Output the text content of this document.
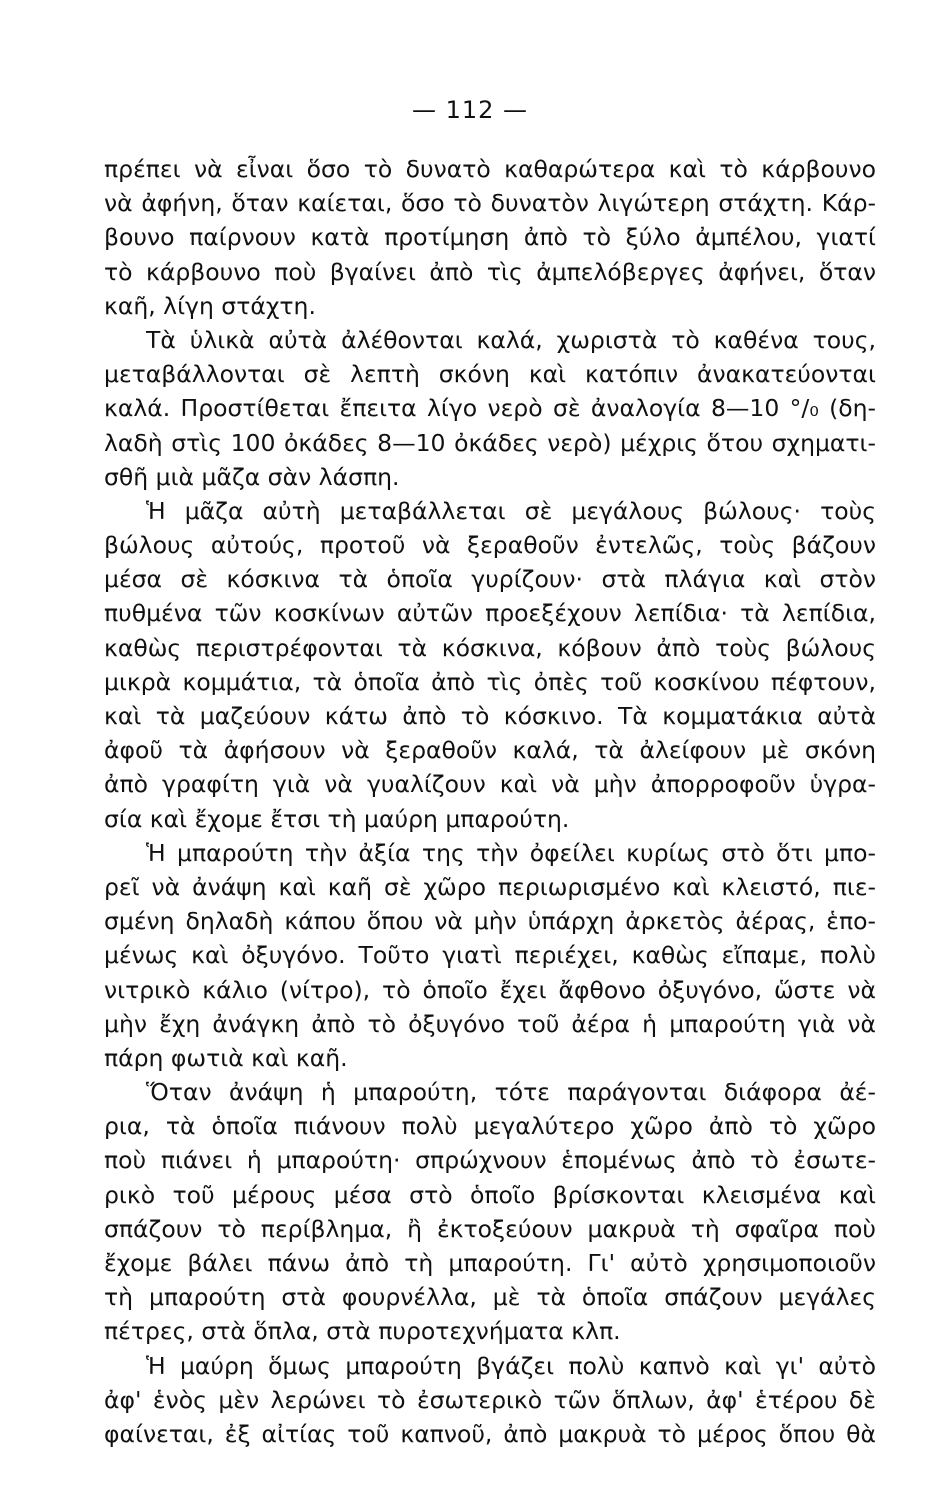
— 112 —
πρέπει νὰ εἶναι ὅσο τὸ δυνατὸ καθαρώτερα καὶ τὸ κάρβουνο
νὰ ἀφήνη, ὅταν καίεται, ὅσο τὸ δυνατὸν λιγώτερη στάχτη. Κάρ-
βουνο παίρνουν κατὰ προτίμηση ἀπὸ τὸ ξύλο ἀμπέλου, γιατί
τὸ κάρβουνο ποὺ βγαίνει ἀπὸ τὶς ἀμπελόβεργες ἀφήνει, ὅταν
καῆ, λίγη στάχτη.
Τὰ ὑλικὰ αὐτὰ ἀλέθονται καλά, χωριστὰ τὸ καθένα τους,
μεταβάλλονται σὲ λεπτὴ σκόνη καὶ κατόπιν ἀνακατεύονται
καλά. Προστίθεται ἔπειτα λίγο νερὸ σὲ ἀναλογία 8—10 °/₀ (δη-
λαδὴ στὶς 100 ὀκάδες 8—10 ὀκάδες νερὸ) μέχρις ὅτου σχηματι-
σθῆ μιὰ μᾶζα σὰν λάσπη.
Ἡ μᾶζα αὐτὴ μεταβάλλεται σὲ μεγάλους βώλους· τοὺς
βώλους αὐτούς, προτοῦ νὰ ξεραθοῦν ἐντελῶς, τοὺς βάζουν
μέσα σὲ κόσκινα τὰ ὁποῖα γυρίζουν· στὰ πλάγια καὶ στὸν
πυθμένα τῶν κοσκίνων αὐτῶν προεξέχουν λεπίδια· τὰ λεπίδια,
καθὼς περιστρέφονται τὰ κόσκινα, κόβουν ἀπὸ τοὺς βώλους
μικρὰ κομμάτια, τὰ ὁποῖα ἀπὸ τὶς ὀπὲς τοῦ κοσκίνου πέφτουν,
καὶ τὰ μαζεύουν κάτω ἀπὸ τὸ κόσκινο. Τὰ κομματάκια αὐτὰ
ἀφοῦ τὰ ἀφήσουν νὰ ξεραθοῦν καλά, τὰ ἀλείφουν μὲ σκόνη
ἀπὸ γραφίτη γιὰ νὰ γυαλίζουν καὶ νὰ μὴν ἀπορροφοῦν ὑγρα-
σία καὶ ἔχομε ἔτσι τὴ μαύρη μπαρούτη.
Ἡ μπαρούτη τὴν ἀξία της τὴν ὀφείλει κυρίως στὸ ὅτι μπο-
ρεῖ νὰ ἀνάψη καὶ καῆ σὲ χῶρο περιωρισμένο καὶ κλειστό, πιε-
σμένη δηλαδὴ κάπου ὅπου νὰ μὴν ὑπάρχη ἀρκετὸς ἀέρας, ἑπο-
μένως καὶ ὀξυγόνο. Τοῦτο γιατὶ περιέχει, καθὼς εἴπαμε, πολὺ
νιτρικὸ κάλιο (νίτρο), τὸ ὁποῖο ἔχει ἄφθονο ὀξυγόνο, ὥστε νὰ
μὴν ἔχη ἀνάγκη ἀπὸ τὸ ὀξυγόνο τοῦ ἀέρα ἡ μπαρούτη γιὰ νὰ
πάρη φωτιὰ καὶ καῆ.
Ὅταν ἀνάψη ἡ μπαρούτη, τότε παράγονται διάφορα ἀέ-
ρια, τὰ ὁποῖα πιάνουν πολὺ μεγαλύτερο χῶρο ἀπὸ τὸ χῶρο
ποὺ πιάνει ἡ μπαρούτη· σπρώχνουν ἑπομένως ἀπὸ τὸ ἐσωτε-
ρικὸ τοῦ μέρους μέσα στὸ ὁποῖο βρίσκονται κλεισμένα καὶ
σπάζουν τὸ περίβλημα, ἢ ἐκτοξεύουν μακρυὰ τὴ σφαῖρα ποὺ
ἔχομε βάλει πάνω ἀπὸ τὴ μπαρούτη. Γι' αὐτὸ χρησιμοποιοῦν
τὴ μπαρούτη στὰ φουρνέλλα, μὲ τὰ ὁποῖα σπάζουν μεγάλες
πέτρες, στὰ ὅπλα, στὰ πυροτεχνήματα κλπ.
Ἡ μαύρη ὅμως μπαρούτη βγάζει πολὺ καπνὸ καὶ γι' αὐτὸ
ἀφ' ἑνὸς μὲν λερώνει τὸ ἐσωτερικὸ τῶν ὅπλων, ἀφ' ἑτέρου δὲ
φαίνεται, ἐξ αἰτίας τοῦ καπνοῦ, ἀπὸ μακρυὰ τὸ μέρος ὅπου θὰ
